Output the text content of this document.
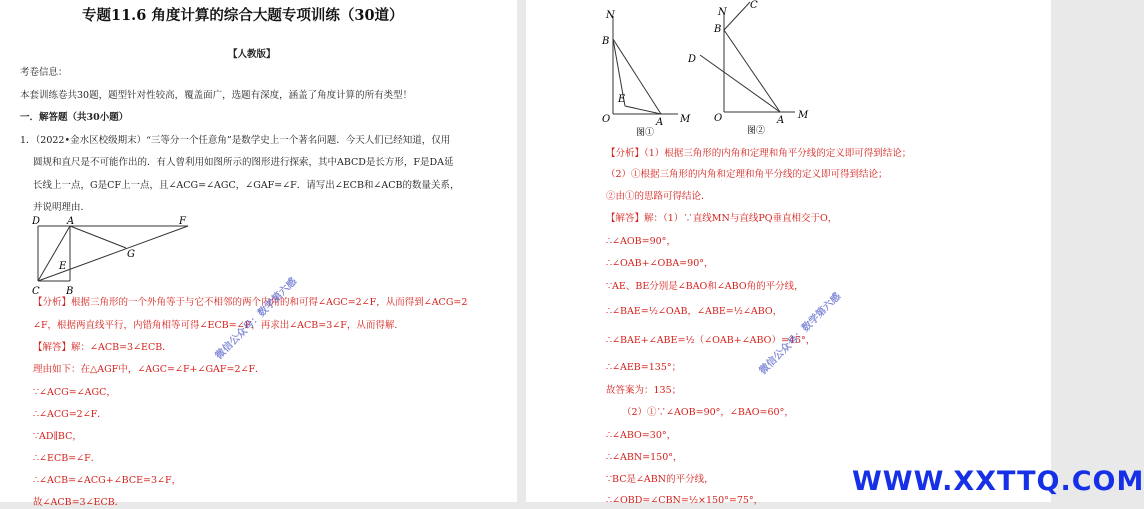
专题11.6 角度计算的综合大题专项训练（30道）
【人教版】
考卷信息：
本套训练卷共30题，题型针对性较高，覆盖面广，选题有深度，涵盖了角度计算的所有类型！
一．解答题（共30小题）
1．（2022•金水区校级期末）“三等分一个任意角”是数学史上一个著名问题．今天人们已经知道，仅用
圆规和直尺是不可能作出的．有人曾利用如图所示的图形进行探索，其中ABCD是长方形，F是DA延
长线上一点，G是CF上一点，且∠ACG=∠AGC，∠GAF=∠F．请写出∠ECB和∠ACB的数量关系，
并说明理由．
D	A	F
G
E
C	B
【分析】根据三角形的一个外角等于与它不相邻的两个内角的和可得∠AGC=2∠F，从而得到∠ACG=2
∠F，根据两直线平行，内错角相等可得∠ECB=∠F，再求出∠ACB=3∠F，从而得解．
【解答】解：∠ACB=3∠ECB．
理由如下：在△AGF中，∠AGC=∠F+∠GAF=2∠F．
∵∠ACG=∠AGC，
∴∠ACG=2∠F．
∵AD∥BC，
∴∠ECB=∠F．
∴∠ACB=∠ACG+∠BCE=3∠F，
故∠ACB=3∠ECB．
微信公众号：数学第六感
N
B
E
O	A M
图①
N
C
B
D
O	A M
图②
【分析】（1）根据三角形的内角和定理和角平分线的定义即可得到结论；
（2）①根据三角形的内角和定理和角平分线的定义即可得到结论；
②由①的思路可得结论．
【解答】解：（1）∵直线MN与直线PQ垂直相交于O，
∴∠AOB=90°，
∴∠OAB+∠OBA=90°，
∵AE、BE分别是∠BAO和∠ABO角的平分线，
∴∠BAE=½∠OAB，∠ABE=½∠ABO，
∴∠BAE+∠ABE=½（∠OAB+∠ABO）=45°，
∴∠AEB=135°；
故答案为：135；
（2）①∵∠AOB=90°，∠BAO=60°，
∴∠ABO=30°，
∴∠ABN=150°，
∵BC是∠ABN的平分线，
∴∠OBD=∠CBN=½×150°=75°，
微信公众号：数学第六感
WWW.XXTTQ.COM
